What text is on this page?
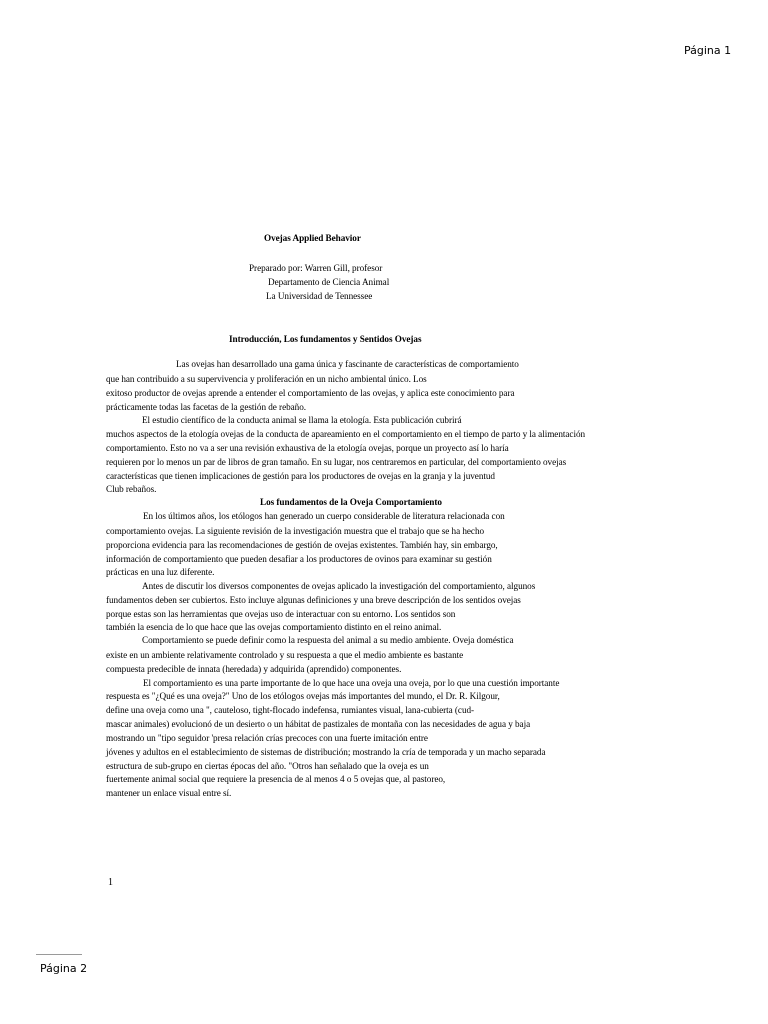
Página 1
Ovejas Applied Behavior
Preparado por: Warren Gill, profesor
Departamento de Ciencia Animal
La Universidad de Tennessee
Introducción, Los fundamentos y Sentidos Ovejas
Las ovejas han desarrollado una gama única y fascinante de características de comportamiento
que han contribuido a su supervivencia y proliferación en un nicho ambiental único. Los
exitoso productor de ovejas aprende a entender el comportamiento de las ovejas, y aplica este conocimiento para
prácticamente todas las facetas de la gestión de rebaño.
El estudio científico de la conducta animal se llama la etología. Esta publicación cubrirá
muchos aspectos de la etología ovejas de la conducta de apareamiento en el comportamiento en el tiempo de parto y la alimentación
comportamiento. Esto no va a ser una revisión exhaustiva de la etología ovejas, porque un proyecto así lo haría
requieren por lo menos un par de libros de gran tamaño. En su lugar, nos centraremos en particular, del comportamiento ovejas
características que tienen implicaciones de gestión para los productores de ovejas en la granja y la juventud
Club rebaños.
Los fundamentos de la Oveja Comportamiento
En los últimos años, los etólogos han generado un cuerpo considerable de literatura relacionada con
comportamiento ovejas. La siguiente revisión de la investigación muestra que el trabajo que se ha hecho
proporciona evidencia para las recomendaciones de gestión de ovejas existentes. También hay, sin embargo,
información de comportamiento que pueden desafiar a los productores de ovinos para examinar su gestión
prácticas en una luz diferente.
Antes de discutir los diversos componentes de ovejas aplicado la investigación del comportamiento, algunos
fundamentos deben ser cubiertos. Esto incluye algunas definiciones y una breve descripción de los sentidos ovejas
porque estas son las herramientas que ovejas uso de interactuar con su entorno. Los sentidos son
también la esencia de lo que hace que las ovejas comportamiento distinto en el reino animal.
Comportamiento se puede definir como la respuesta del animal a su medio ambiente. Oveja doméstica
existe en un ambiente relativamente controlado y su respuesta a que el medio ambiente es bastante
compuesta predecible de innata (heredada) y adquirida (aprendido) componentes.
El comportamiento es una parte importante de lo que hace una oveja una oveja, por lo que una cuestión importante
respuesta es "¿Qué es una oveja?" Uno de los etólogos ovejas más importantes del mundo, el Dr. R. Kilgour,
define una oveja como una ", cauteloso, tight-flocado indefensa, rumiantes visual, lana-cubierta (cud-
mascar animales) evolucionó de un desierto o un hábitat de pastizales de montaña con las necesidades de agua y baja
mostrando un "tipo seguidor 'presa relación crías precoces con una fuerte imitación entre
jóvenes y adultos en el establecimiento de sistemas de distribución; mostrando la cría de temporada y un macho separada
estructura de sub-grupo en ciertas épocas del año. "Otros han señalado que la oveja es un
fuertemente animal social que requiere la presencia de al menos 4 o 5 ovejas que, al pastoreo,
mantener un enlace visual entre sí.
1
Página 2
